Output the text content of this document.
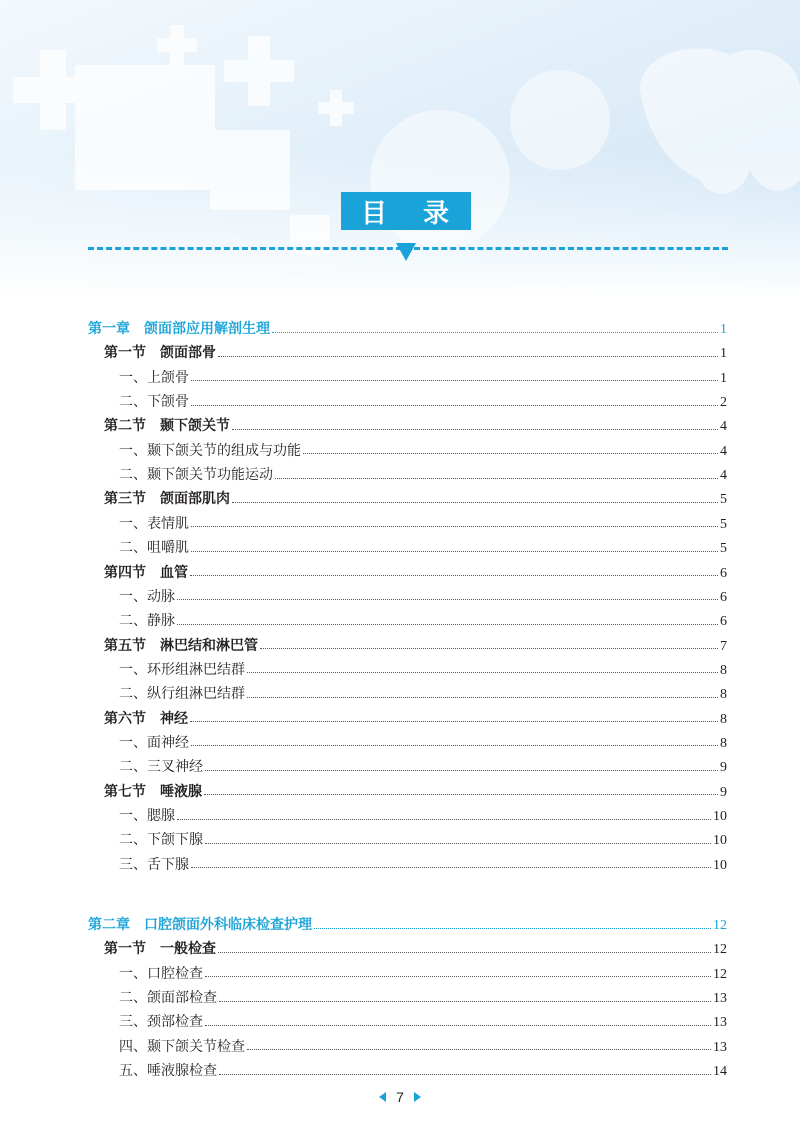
目 录
第一章　颌面部应用解剖生理	1
第一节　颌面部骨	1
一、上颌骨	1
二、下颌骨	2
第二节　颞下颌关节	4
一、颞下颌关节的组成与功能	4
二、颞下颌关节功能运动	4
第三节　颌面部肌肉	5
一、表情肌	5
二、咀嚼肌	5
第四节　血管	6
一、动脉	6
二、静脉	6
第五节　淋巴结和淋巴管	7
一、环形组淋巴结群	8
二、纵行组淋巴结群	8
第六节　神经	8
一、面神经	8
二、三叉神经	9
第七节　唾液腺	9
一、腮腺	10
二、下颌下腺	10
三、舌下腺	10
第二章　口腔颌面外科临床检查护理	12
第一节　一般检查	12
一、口腔检查	12
二、颌面部检查	13
三、颈部检查	13
四、颞下颌关节检查	13
五、唾液腺检查	14
7
